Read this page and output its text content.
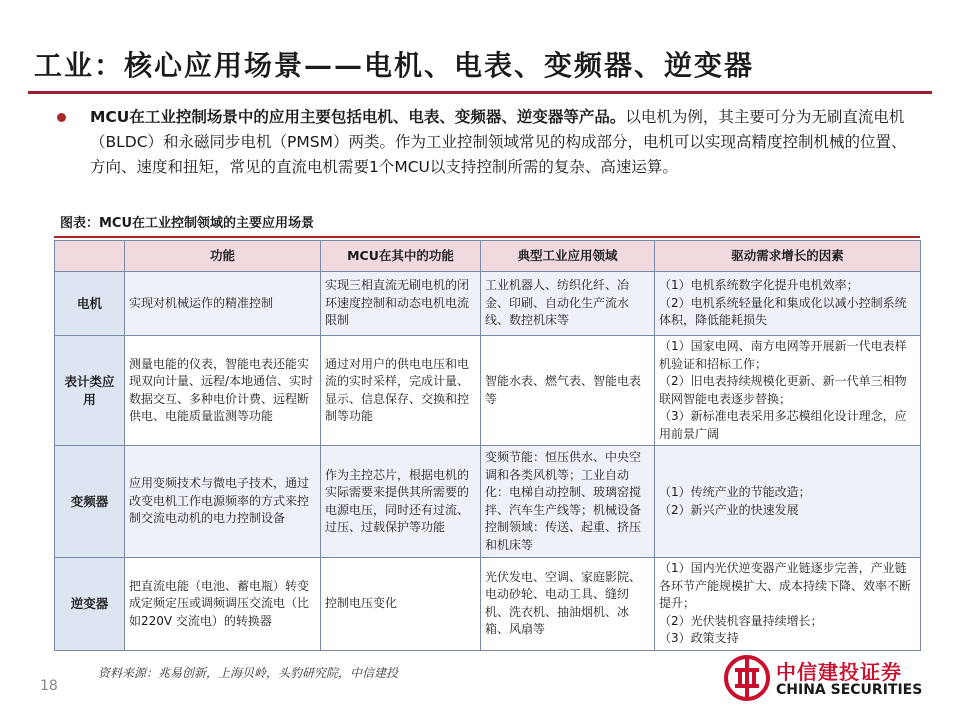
工业：核心应用场景——电机、电表、变频器、逆变器

MCU在工业控制场景中的应用主要包括电机、电表、变频器、逆变器等产品。以电机为例，其主要可分为无刷直流电机（BLDC）和永磁同步电机（PMSM）两类。作为工业控制领域常见的构成部分，电机可以实现高精度控制机械的位置、方向、速度和扭矩，常见的直流电机需要1个MCU以支持控制所需的复杂、高速运算。

图表：MCU在工业控制领域的主要应用场景
	功能	MCU在其中的功能	典型工业应用领域	驱动需求增长的因素
电机	实现对机械运作的精准控制	实现三相直流无刷电机的闭环速度控制和动态电机电流限制	工业机器人、纺织化纤、冶金、印刷、自动化生产流水线、数控机床等	（1）电机系统数字化提升电机效率；
（2）电机系统轻量化和集成化以减小控制系统体积，降低能耗损失

表计类应用	测量电能的仪表，智能电表还能实现双向计量、远程/本地通信、实时数据交互、多种电价计费、远程断供电、电能质量监测等功能	通过对用户的供电电压和电流的实时采样，完成计量、显示、信息保存、交换和控制等功能	智能水表、燃气表、智能电表等	（1）国家电网、南方电网等开展新一代电表样机验证和招标工作；
（2）旧电表持续规模化更新、新一代单三相物联网智能电表逐步替换；
（3）新标准电表采用多芯模组化设计理念，应用前景广阔

变频器	应用变频技术与微电子技术，通过改变电机工作电源频率的方式来控制交流电动机的电力控制设备	作为主控芯片，根据电机的实际需要来提供其所需要的电源电压，同时还有过流、过压、过载保护等功能	变频节能：恒压供水、中央空调和各类风机等；工业自动化：电梯自动控制、玻璃窑搅拌、汽车生产线等；机械设备控制领域：传送、起重、挤压和机床等	（1）传统产业的节能改造；
（2）新兴产业的快速发展

逆变器	把直流电能（电池、蓄电瓶）转变成定频定压或调频调压交流电（比如220V 交流电）的转换器	控制电压变化	光伏发电、空调、家庭影院、电动砂轮、电动工具、缝纫机、洗衣机、抽油烟机、冰箱、风扇等	（1）国内光伏逆变器产业链逐步完善，产业链各环节产能规模扩大、成本持续下降、效率不断提升；
（2）光伏装机容量持续增长；
（3）政策支持
资料来源：兆易创新，上海贝岭，头豹研究院，中信建投
18
中信建投证券
CHINA SECURITIES
